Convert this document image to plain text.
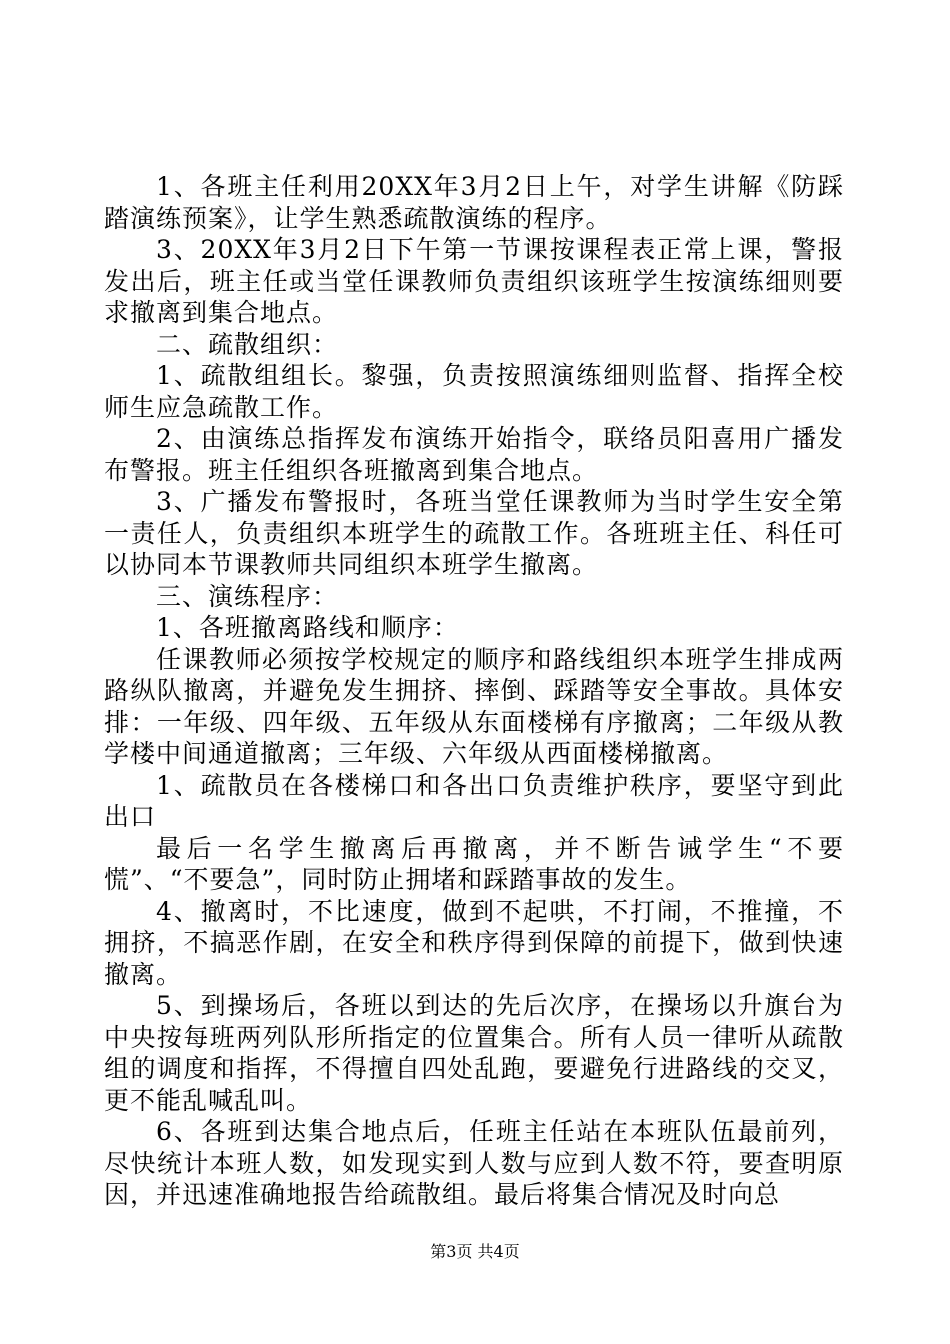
1、各班主任利用20XX年3月2日上午，对学生讲解《防踩踏演练预案》，让学生熟悉疏散演练的程序。

3、20XX年3月2日下午第一节课按课程表正常上课，警报发出后，班主任或当堂任课教师负责组织该班学生按演练细则要求撤离到集合地点。

二、疏散组织：

1、疏散组组长。黎强，负责按照演练细则监督、指挥全校师生应急疏散工作。

2、由演练总指挥发布演练开始指令，联络员阳喜用广播发布警报。班主任组织各班撤离到集合地点。

3、广播发布警报时，各班当堂任课教师为当时学生安全第一责任人，负责组织本班学生的疏散工作。各班班主任、科任可以协同本节课教师共同组织本班学生撤离。

三、演练程序：

1、各班撤离路线和顺序：

任课教师必须按学校规定的顺序和路线组织本班学生排成两路纵队撤离，并避免发生拥挤、摔倒、踩踏等安全事故。具体安排：一年级、四年级、五年级从东面楼梯有序撤离；二年级从教学楼中间通道撤离；三年级、六年级从西面楼梯撤离。

1、疏散员在各楼梯口和各出口负责维护秩序，要坚守到此出口

最后一名学生撤离后再撤离，并不断告诫学生“不要慌”、“不要急”，同时防止拥堵和踩踏事故的发生。

4、撤离时，不比速度，做到不起哄，不打闹，不推撞，不拥挤，不搞恶作剧，在安全和秩序得到保障的前提下，做到快速撤离。

5、到操场后，各班以到达的先后次序，在操场以升旗台为中央按每班两列队形所指定的位置集合。所有人员一律听从疏散组的调度和指挥，不得擅自四处乱跑，要避免行进路线的交叉，更不能乱喊乱叫。

6、各班到达集合地点后，任班主任站在本班队伍最前列，尽快统计本班人数，如发现实到人数与应到人数不符，要查明原因，并迅速准确地报告给疏散组。最后将集合情况及时向总

第3页 共4页
